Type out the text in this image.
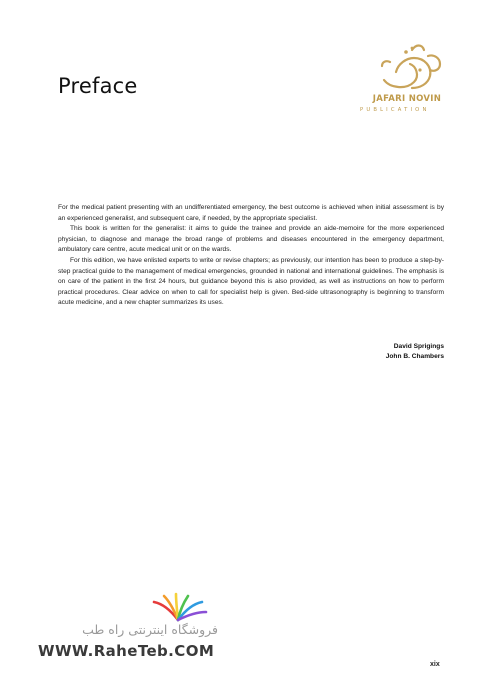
Preface
JAFARI NOVIN
PUBLICATION

For the medical patient presenting with an undifferentiated emergency, the best outcome is achieved when initial assessment is by an experienced generalist, and subsequent care, if needed, by the appropriate specialist.

This book is written for the generalist: it aims to guide the trainee and provide an aide-memoire for the more experienced physician, to diagnose and manage the broad range of problems and diseases encountered in the emergency department, ambulatory care centre, acute medical unit or on the wards.

For this edition, we have enlisted experts to write or revise chapters; as previously, our intention has been to produce a step-by-step practical guide to the management of medical emergencies, grounded in national and international guidelines. The emphasis is on care of the patient in the first 24 hours, but guidance beyond this is also provided, as well as instructions on how to perform practical procedures. Clear advice on when to call for specialist help is given. Bed-side ultrasonography is beginning to transform acute medicine, and a new chapter summarizes its uses.

David Sprigings
John B. Chambers
فروشگاه اینترنتی راه طب
WWW.RaheTeb.COM
xix
